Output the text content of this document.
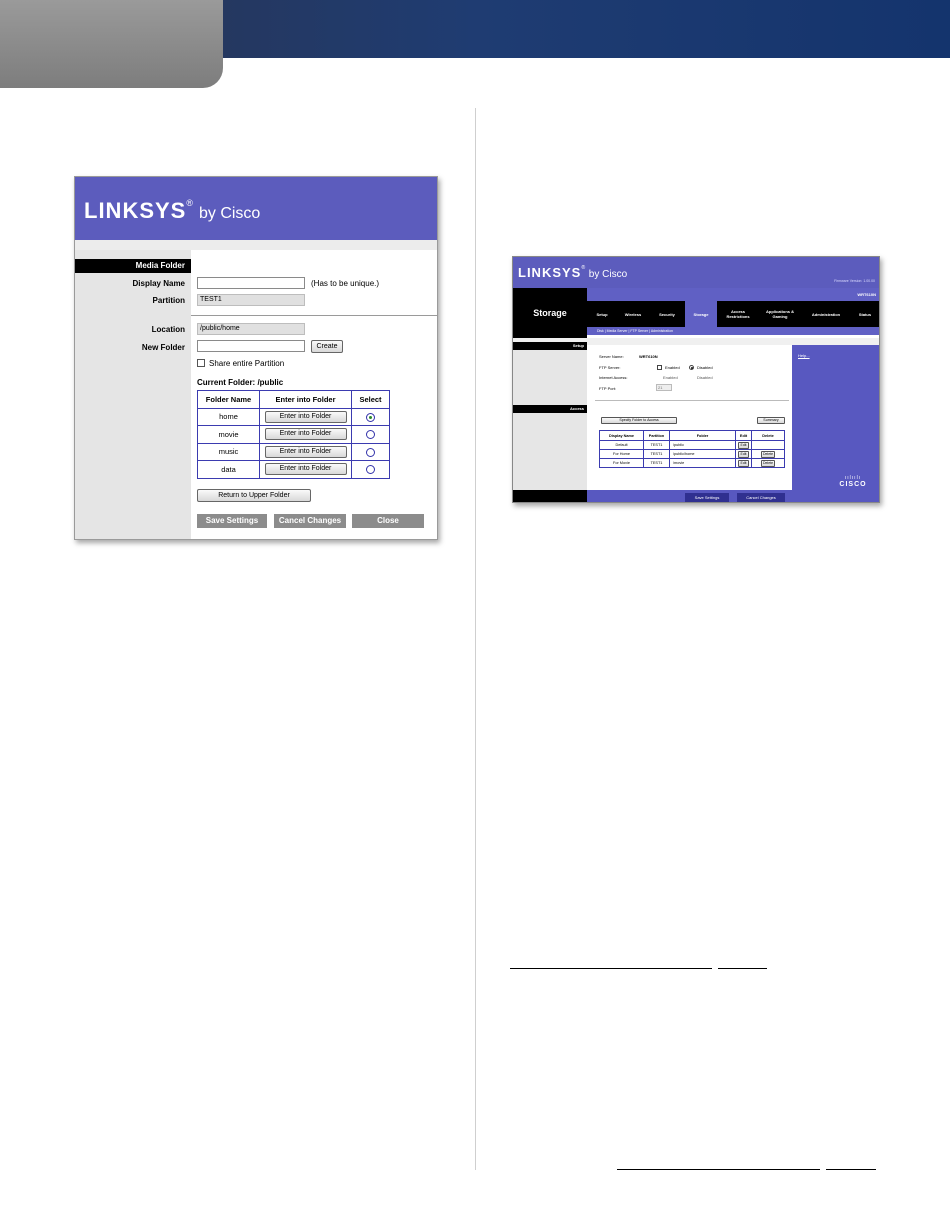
LINKSYS® by Cisco
Media Folder
Display Name	(Has to be unique.)
Partition	TEST1
Location	/public/home
New Folder	Create
Share entire Partition
Current Folder: /public
Folder Name	Enter into Folder	Select
home	Enter into Folder	
movie	Enter into Folder	
music	Enter into Folder	
data	Enter into Folder	
Return to Upper Folder
Save Settings	Cancel Changes	Close
LINKSYS® by Cisco
Firmware Version: 1.00.00
Storage
WRT610N
Setup	Wireless	Security	Storage	Access Restrictions
Applications & Gaming	Administration	Status
Disk | Media Server | FTP Server | Administration
Setup
Access
Server Name:	WRT610N
FTP Server:	Enabled	Disabled
Internet Access:	Enabled	Disabled
FTP Port:	21
Specify Folder to Access	Summary
Display Name	Partition	Folder	Edit	Delete
Default	TEST1	/public	Edit	
For Home	TEST1	/public/home	Edit	Delete
For Movie	TEST1	/movie	Edit	Delete
Help...
ıılıılı
CISCO
Save Settings	Cancel Changes
